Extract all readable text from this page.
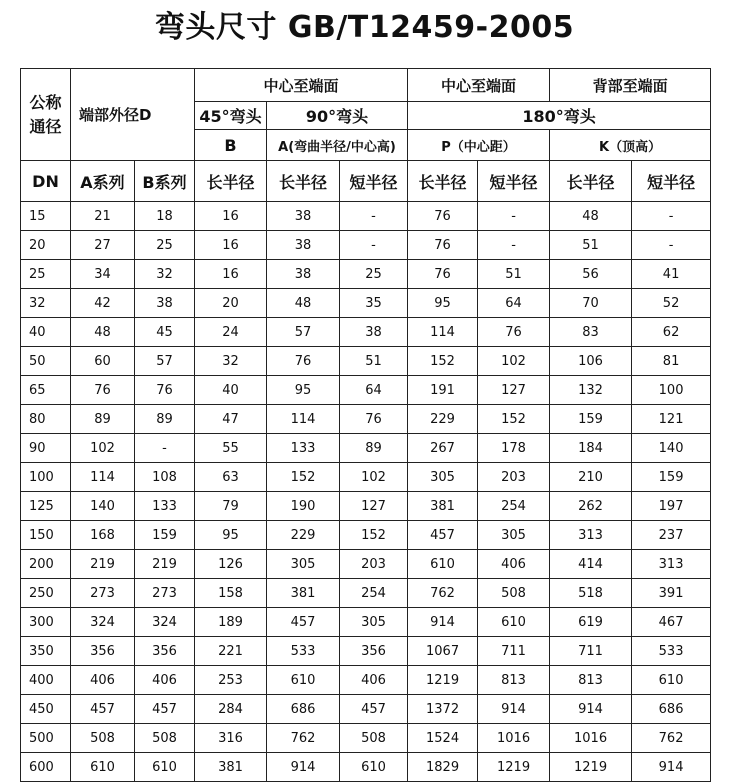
弯头尺寸 GB/T12459-2005
公称
通径	端部外径D		中心至端面			中心至端面		背部至端面	
			45°弯头	90°弯头		180°弯头			
			B	A(弯曲半径/中心高)		P（中心距）		K（顶高）	
DN	A系列	B系列	长半径	长半径	短半径	长半径	短半径	长半径	短半径
15	21	18	16	38	-	76	-	48	-
20	27	25	16	38	-	76	-	51	-
25	34	32	16	38	25	76	51	56	41
32	42	38	20	48	35	95	64	70	52
40	48	45	24	57	38	114	76	83	62
50	60	57	32	76	51	152	102	106	81
65	76	76	40	95	64	191	127	132	100
80	89	89	47	114	76	229	152	159	121
90	102	-	55	133	89	267	178	184	140
100	114	108	63	152	102	305	203	210	159
125	140	133	79	190	127	381	254	262	197
150	168	159	95	229	152	457	305	313	237
200	219	219	126	305	203	610	406	414	313
250	273	273	158	381	254	762	508	518	391
300	324	324	189	457	305	914	610	619	467
350	356	356	221	533	356	1067	711	711	533
400	406	406	253	610	406	1219	813	813	610
450	457	457	284	686	457	1372	914	914	686
500	508	508	316	762	508	1524	1016	1016	762
600	610	610	381	914	610	1829	1219	1219	914
